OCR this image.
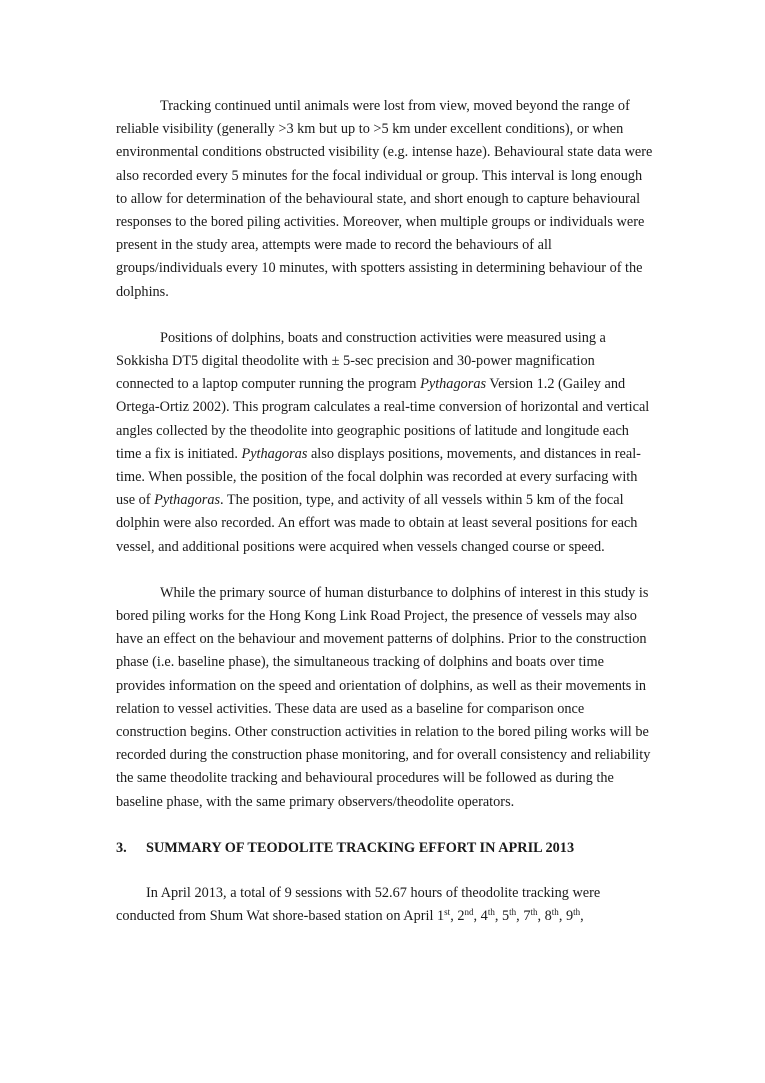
Tracking continued until animals were lost from view, moved beyond the range of reliable visibility (generally >3 km but up to >5 km under excellent conditions), or when environmental conditions obstructed visibility (e.g. intense haze). Behavioural state data were also recorded every 5 minutes for the focal individual or group. This interval is long enough to allow for determination of the behavioural state, and short enough to capture behavioural responses to the bored piling activities. Moreover, when multiple groups or individuals were present in the study area, attempts were made to record the behaviours of all groups/individuals every 10 minutes, with spotters assisting in determining behaviour of the dolphins.

Positions of dolphins, boats and construction activities were measured using a Sokkisha DT5 digital theodolite with ± 5-sec precision and 30-power magnification connected to a laptop computer running the program Pythagoras Version 1.2 (Gailey and Ortega-Ortiz 2002). This program calculates a real-time conversion of horizontal and vertical angles collected by the theodolite into geographic positions of latitude and longitude each time a fix is initiated. Pythagoras also displays positions, movements, and distances in real-time. When possible, the position of the focal dolphin was recorded at every surfacing with use of Pythagoras. The position, type, and activity of all vessels within 5 km of the focal dolphin were also recorded. An effort was made to obtain at least several positions for each vessel, and additional positions were acquired when vessels changed course or speed.

While the primary source of human disturbance to dolphins of interest in this study is bored piling works for the Hong Kong Link Road Project, the presence of vessels may also have an effect on the behaviour and movement patterns of dolphins. Prior to the construction phase (i.e. baseline phase), the simultaneous tracking of dolphins and boats over time provides information on the speed and orientation of dolphins, as well as their movements in relation to vessel activities. These data are used as a baseline for comparison once construction begins. Other construction activities in relation to the bored piling works will be recorded during the construction phase monitoring, and for overall consistency and reliability the same theodolite tracking and behavioural procedures will be followed as during the baseline phase, with the same primary observers/theodolite operators.

3.	SUMMARY OF TEODOLITE TRACKING EFFORT IN APRIL 2013

In April 2013, a total of 9 sessions with 52.67 hours of theodolite tracking were conducted from Shum Wat shore-based station on April 1st, 2nd, 4th, 5th, 7th, 8th, 9th,
